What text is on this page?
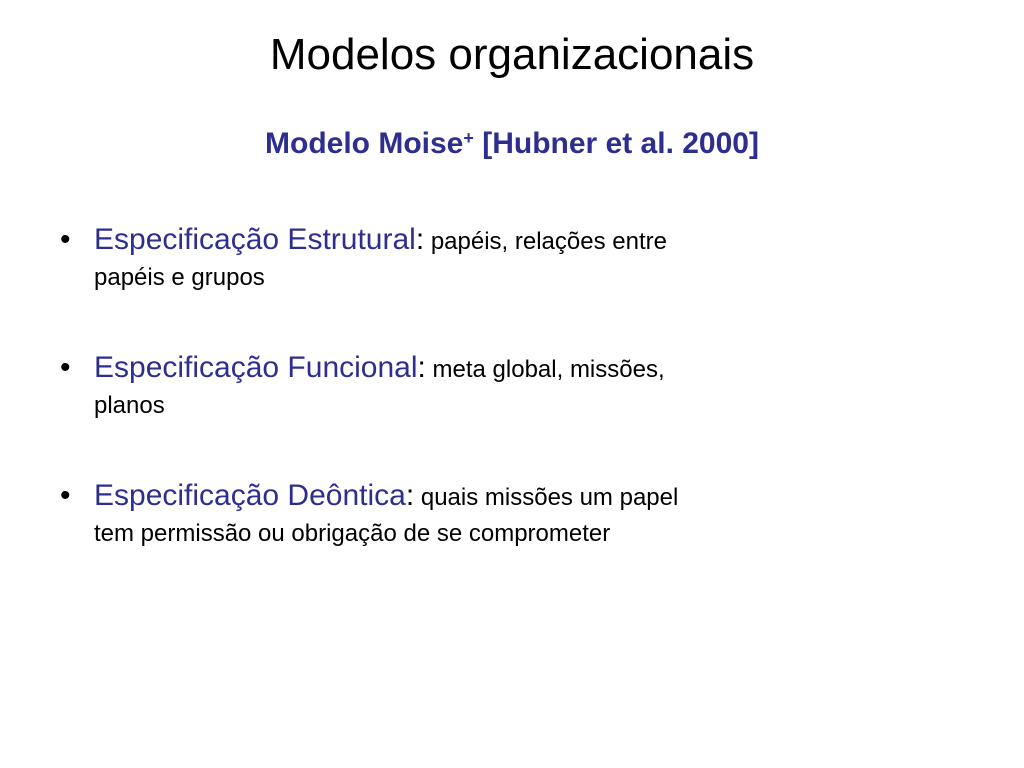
Modelos organizacionais
Modelo Moise+ [Hubner et al. 2000]
• Especificação Estrutural: papéis, relações entre
papéis e grupos
• Especificação Funcional: meta global, missões,
planos
• Especificação Deôntica: quais missões um papel
tem permissão ou obrigação de se comprometer
